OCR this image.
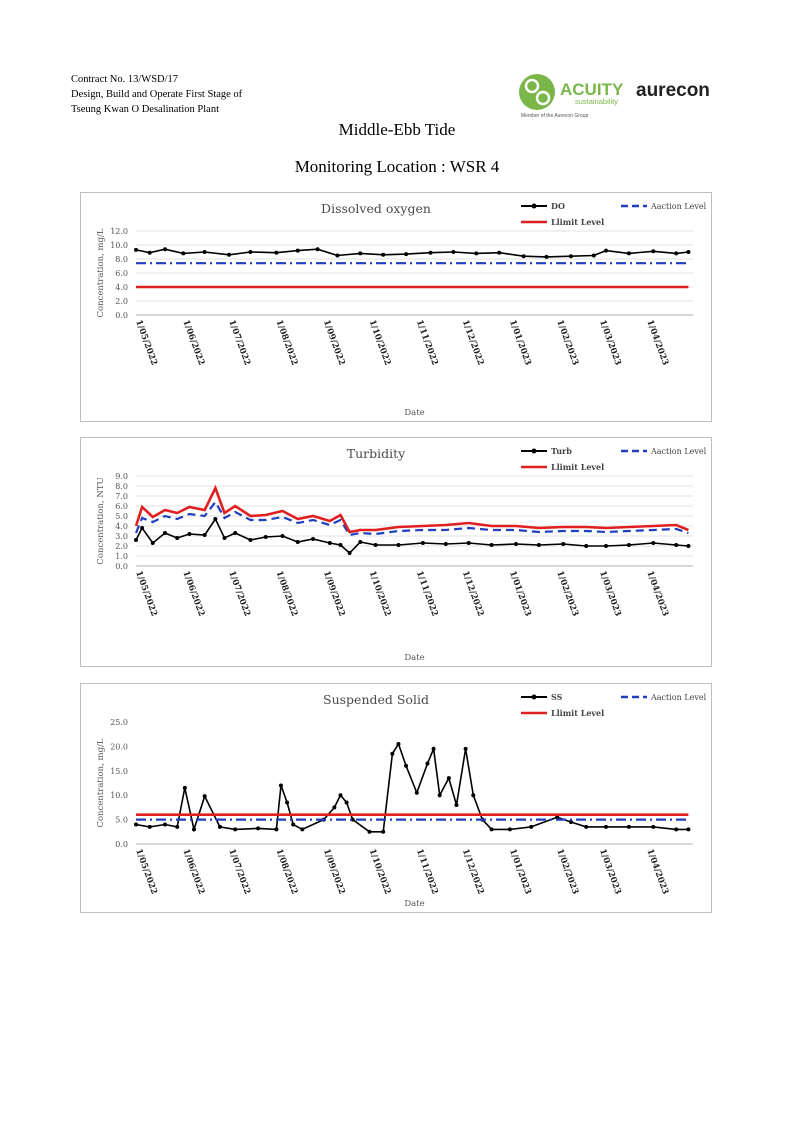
Contract No. 13/WSD/17
Design, Build and Operate First Stage of
Tseung Kwan O Desalination Plant
ACUITY
sustainability
Member of the Aurecon Group
aurecon
Middle-Ebb Tide
Monitoring Location : WSR 4
Dissolved oxygen
0.0
2.0
4.0
6.0
8.0
10.0
12.0
1/05/2022	1/06/2022 1/07/2022	1/08/2022	1/09/2022 1/10/2022	1/11/2022 1/12/2022	1/01/2023	1/02/2023 1/03/2023	1/04/2023
Concentration, mg/L
Date
DO	Aaction Level
Llimit Level
Turbidity
0.0
1.0
2.0
3.0
4.0
5.0
6.0
7.0
8.0
9.0
1/05/2022	1/06/2022 1/07/2022	1/08/2022	1/09/2022 1/10/2022	1/11/2022 1/12/2022	1/01/2023	1/02/2023 1/03/2023	1/04/2023
Concentration, NTU
Date
Turb	Aaction Level
Llimit Level
Suspended Solid
0.0
5.0
10.0
15.0
20.0
25.0
1/05/2022	1/06/2022 1/07/2022	1/08/2022	1/09/2022 1/10/2022	1/11/2022 1/12/2022	1/01/2023	1/02/2023 1/03/2023	1/04/2023
Concentration, mg/L
Date
SS	Aaction Level
Llimit Level
